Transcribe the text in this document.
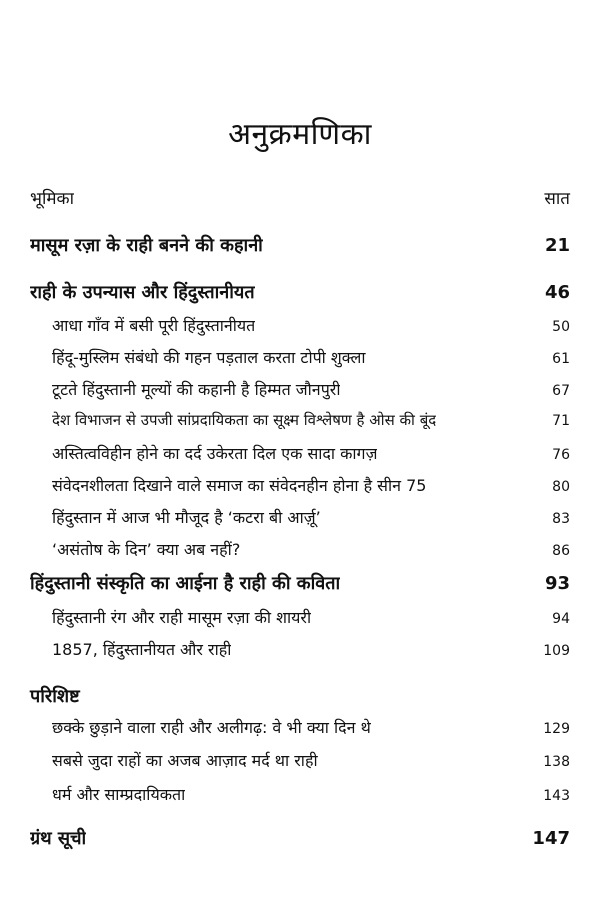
अनुक्रमणिका
भूमिका	सात
मासूम रज़ा के राही बनने की कहानी	21
राही के उपन्यास और हिंदुस्तानीयत	46
आधा गाँव में बसी पूरी हिंदुस्तानीयत	50
हिंदू-मुस्लिम संबंधो की गहन पड़ताल करता टोपी शुक्ला	61
टूटते हिंदुस्तानी मूल्यों की कहानी है हिम्मत जौनपुरी	67
देश विभाजन से उपजी सांप्रदायिकता का सूक्ष्म विश्लेषण है ओस की बूंद	71
अस्तित्वविहीन होने का दर्द उकेरता दिल एक सादा कागज़	76
संवेदनशीलता दिखाने वाले समाज का संवेदनहीन होना है सीन 75	80
हिंदुस्तान में आज भी मौजूद है ‘कटरा बी आर्ज़ू’	83
‘असंतोष के दिन’ क्या अब नहीं?	86
हिंदुस्तानी संस्कृति का आईना है राही की कविता	93
हिंदुस्तानी रंग और राही मासूम रज़ा की शायरी	94
1857, हिंदुस्तानीयत और राही	109
परिशिष्ट
छक्के छुड़ाने वाला राही और अलीगढ़: वे भी क्या दिन थे	129
सबसे जुदा राहों का अजब आज़ाद मर्द था राही	138
धर्म और साम्प्रदायिकता	143
ग्रंथ सूची	147
